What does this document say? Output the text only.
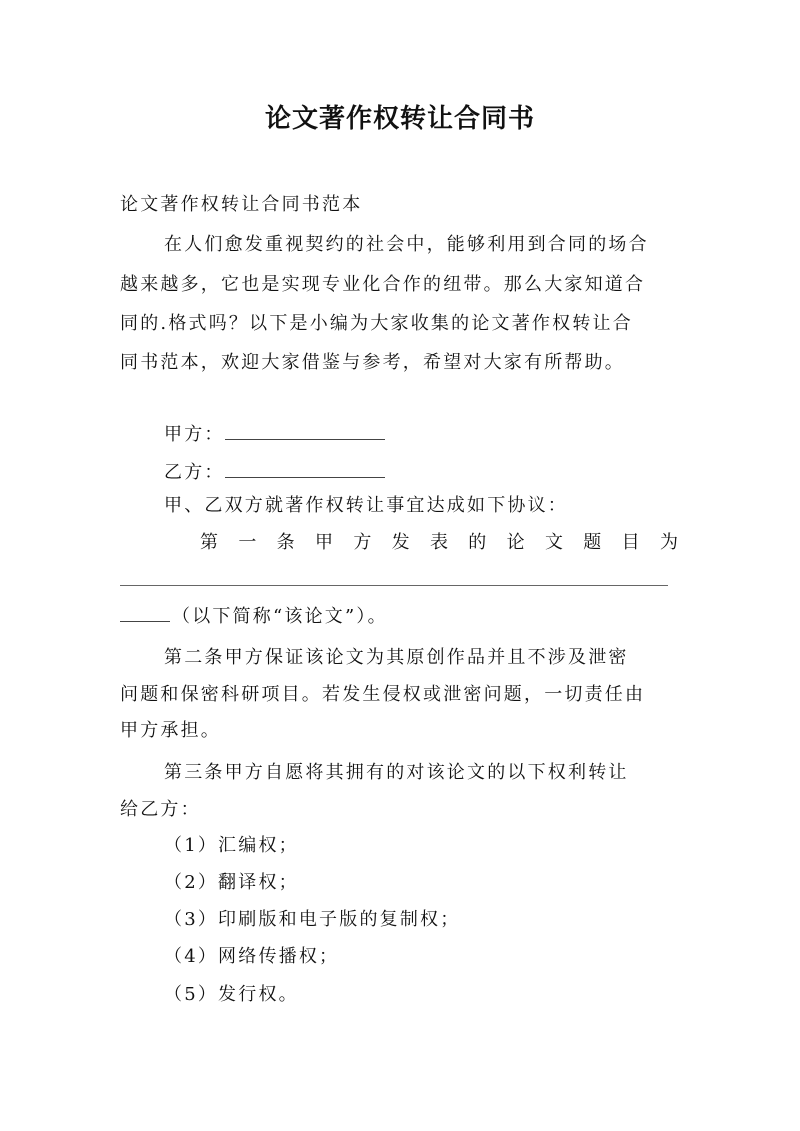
论文著作权转让合同书

论文著作权转让合同书范本

在人们愈发重视契约的社会中，能够利用到合同的场合

越来越多，它也是实现专业化合作的纽带。那么大家知道合

同的.格式吗？以下是小编为大家收集的论文著作权转让合

同书范本，欢迎大家借鉴与参考，希望对大家有所帮助。

甲方：

乙方：

甲、乙双方就著作权转让事宜达成如下协议：

第 一 条 甲 方 发 表 的 论 文 题 目 为

（以下简称“该论文”）。

第二条甲方保证该论文为其原创作品并且不涉及泄密

问题和保密科研项目。若发生侵权或泄密问题，一切责任由

甲方承担。

第三条甲方自愿将其拥有的对该论文的以下权利转让

给乙方：

（1）汇编权；

（2）翻译权；

（3）印刷版和电子版的复制权；

（4）网络传播权；

（5）发行权。
